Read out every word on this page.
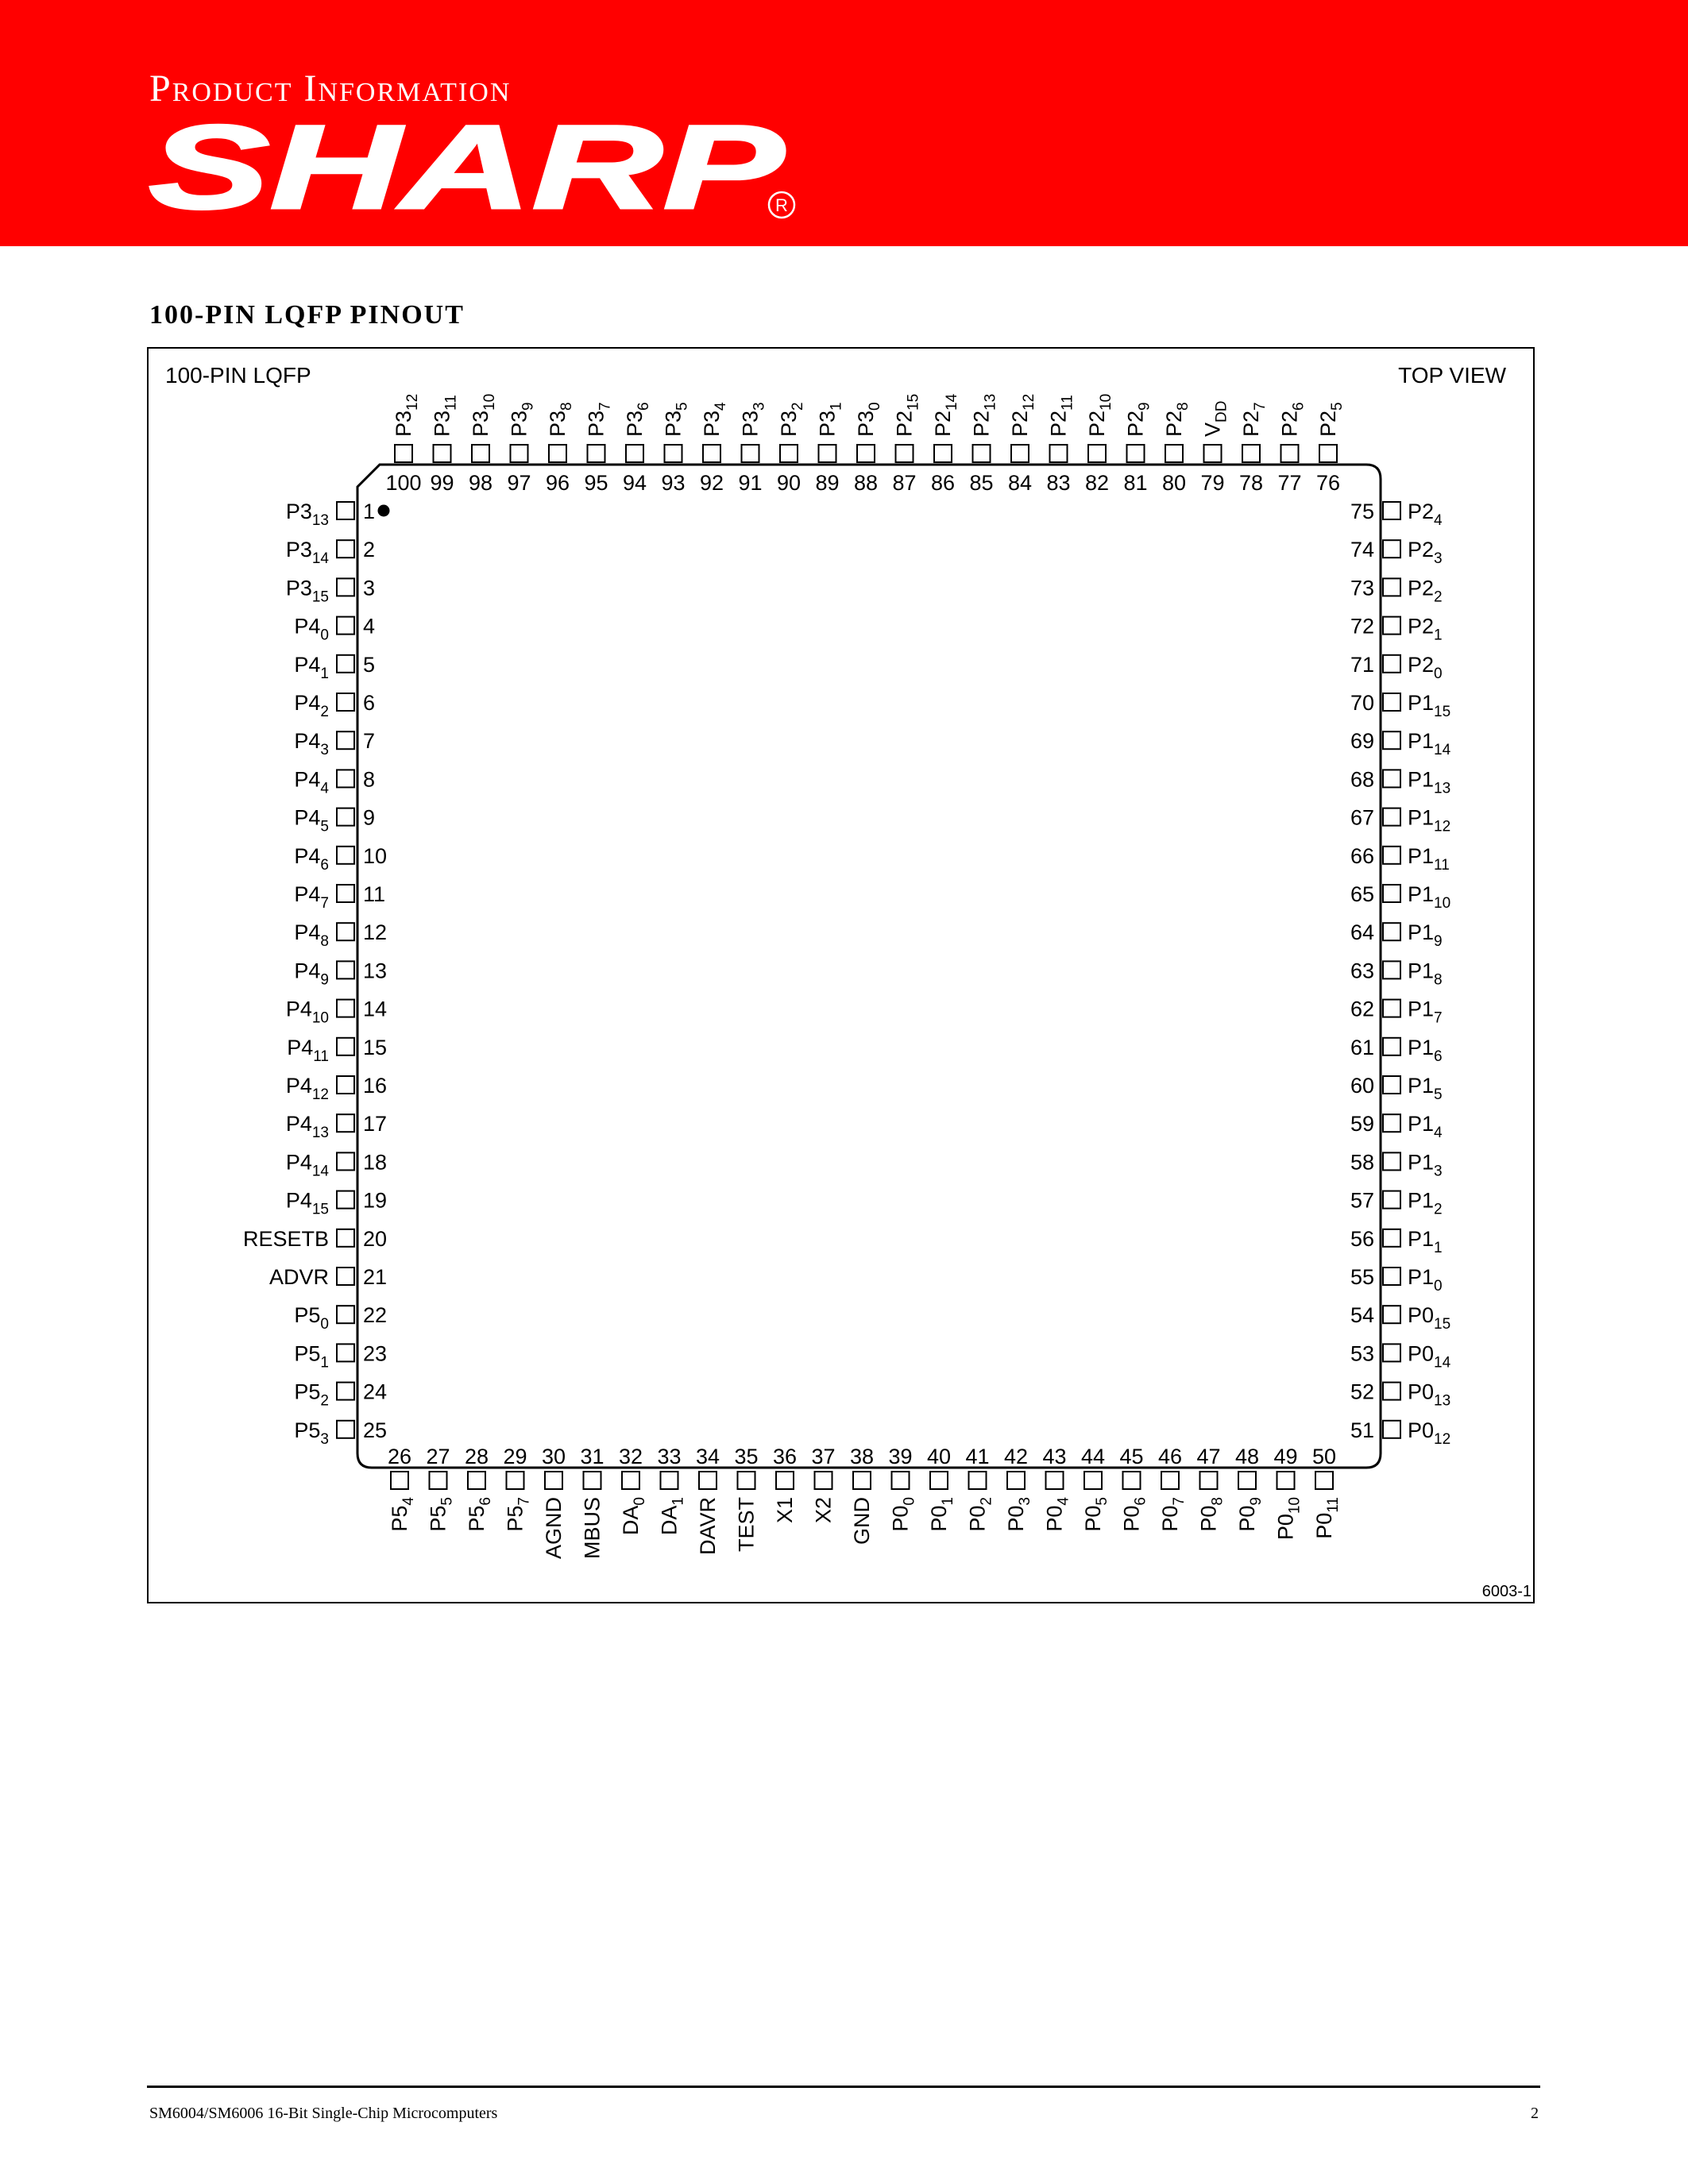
Product Information
SHARP
R
100-PIN LQFP PINOUT
100-PIN LQFP	TOP VIEW
6003-1
1
$P3_{13}$
2
$P3_{14}$
3
$P3_{15}$
4
$P4_0$
5
$P4_1$
6
$P4_2$
7
$P4_3$
8
$P4_4$
9
$P4_5$
10
$P4_6$
11
$P4_7$
12
$P4_8$
13
$P4_9$
14
$P4_{10}$
15
$P4_{11}$
16
$P4_{12}$
17
$P4_{13}$
18
$P4_{14}$
19
$P4_{15}$
20
RESETB
21
ADVR
22
$P5_0$
23
$P5_1$
24
$P5_2$
25
$P5_3$
75 $P2_4$
74 $P2_3$
73 $P2_2$
72 $P2_1$
71 $P2_0$
70 $P1_{15}$
69 $P1_{14}$
68 $P1_{13}$
67 $P1_{12}$
66 $P1_{11}$
65 $P1_{10}$
64 $P1_9$
63 $P1_8$
62 $P1_7$
61 $P1_6$
60 $P1_5$
59 $P1_4$
58 $P1_3$
57 $P1_2$
56 $P1_1$
55 $P1_0$
54 $P0_{15}$
53 $P0_{14}$
52 $P0_{13}$
51 $P0_{12}$
100
$P3_{12}$
99
$P3_{11}$
98
$P3_{10}$
97
$P3_9$
96
$P3_8$
95
$P3_7$
94
$P3_6$
93
$P3_5$
92
$P3_4$
91
$P3_3$
90
$P3_2$
89
$P3_1$
88
$P3_0$
87
$P2_{15}$
86
$P2_{14}$
85
$P2_{13}$
84
$P2_{12}$
83
$P2_{11}$
82
$P2_{10}$
81
$P2_9$
80
$P2_8$
79
$V_{DD}$
78
$P2_7$
77
$P2_6$
76
$P2_5$
26
$P5_4$
27
$P5_5$
28
$P5_6$
29
$P5_7$
30
AGND
31
MBUS
32
$DA_0$
33
$DA_1$
34
DAVR
35
TEST
36
X1
37
X2
38
GND
39
$P0_0$
40
$P0_1$
41
$P0_2$
42
$P0_3$
43
$P0_4$
44
$P0_5$
45
$P0_6$
46
$P0_7$
47
$P0_8$
48
$P0_9$
49
$P0_{10}$
50
$P0_{11}$
SM6004/SM6006 16-Bit Single-Chip Microcomputers	2
